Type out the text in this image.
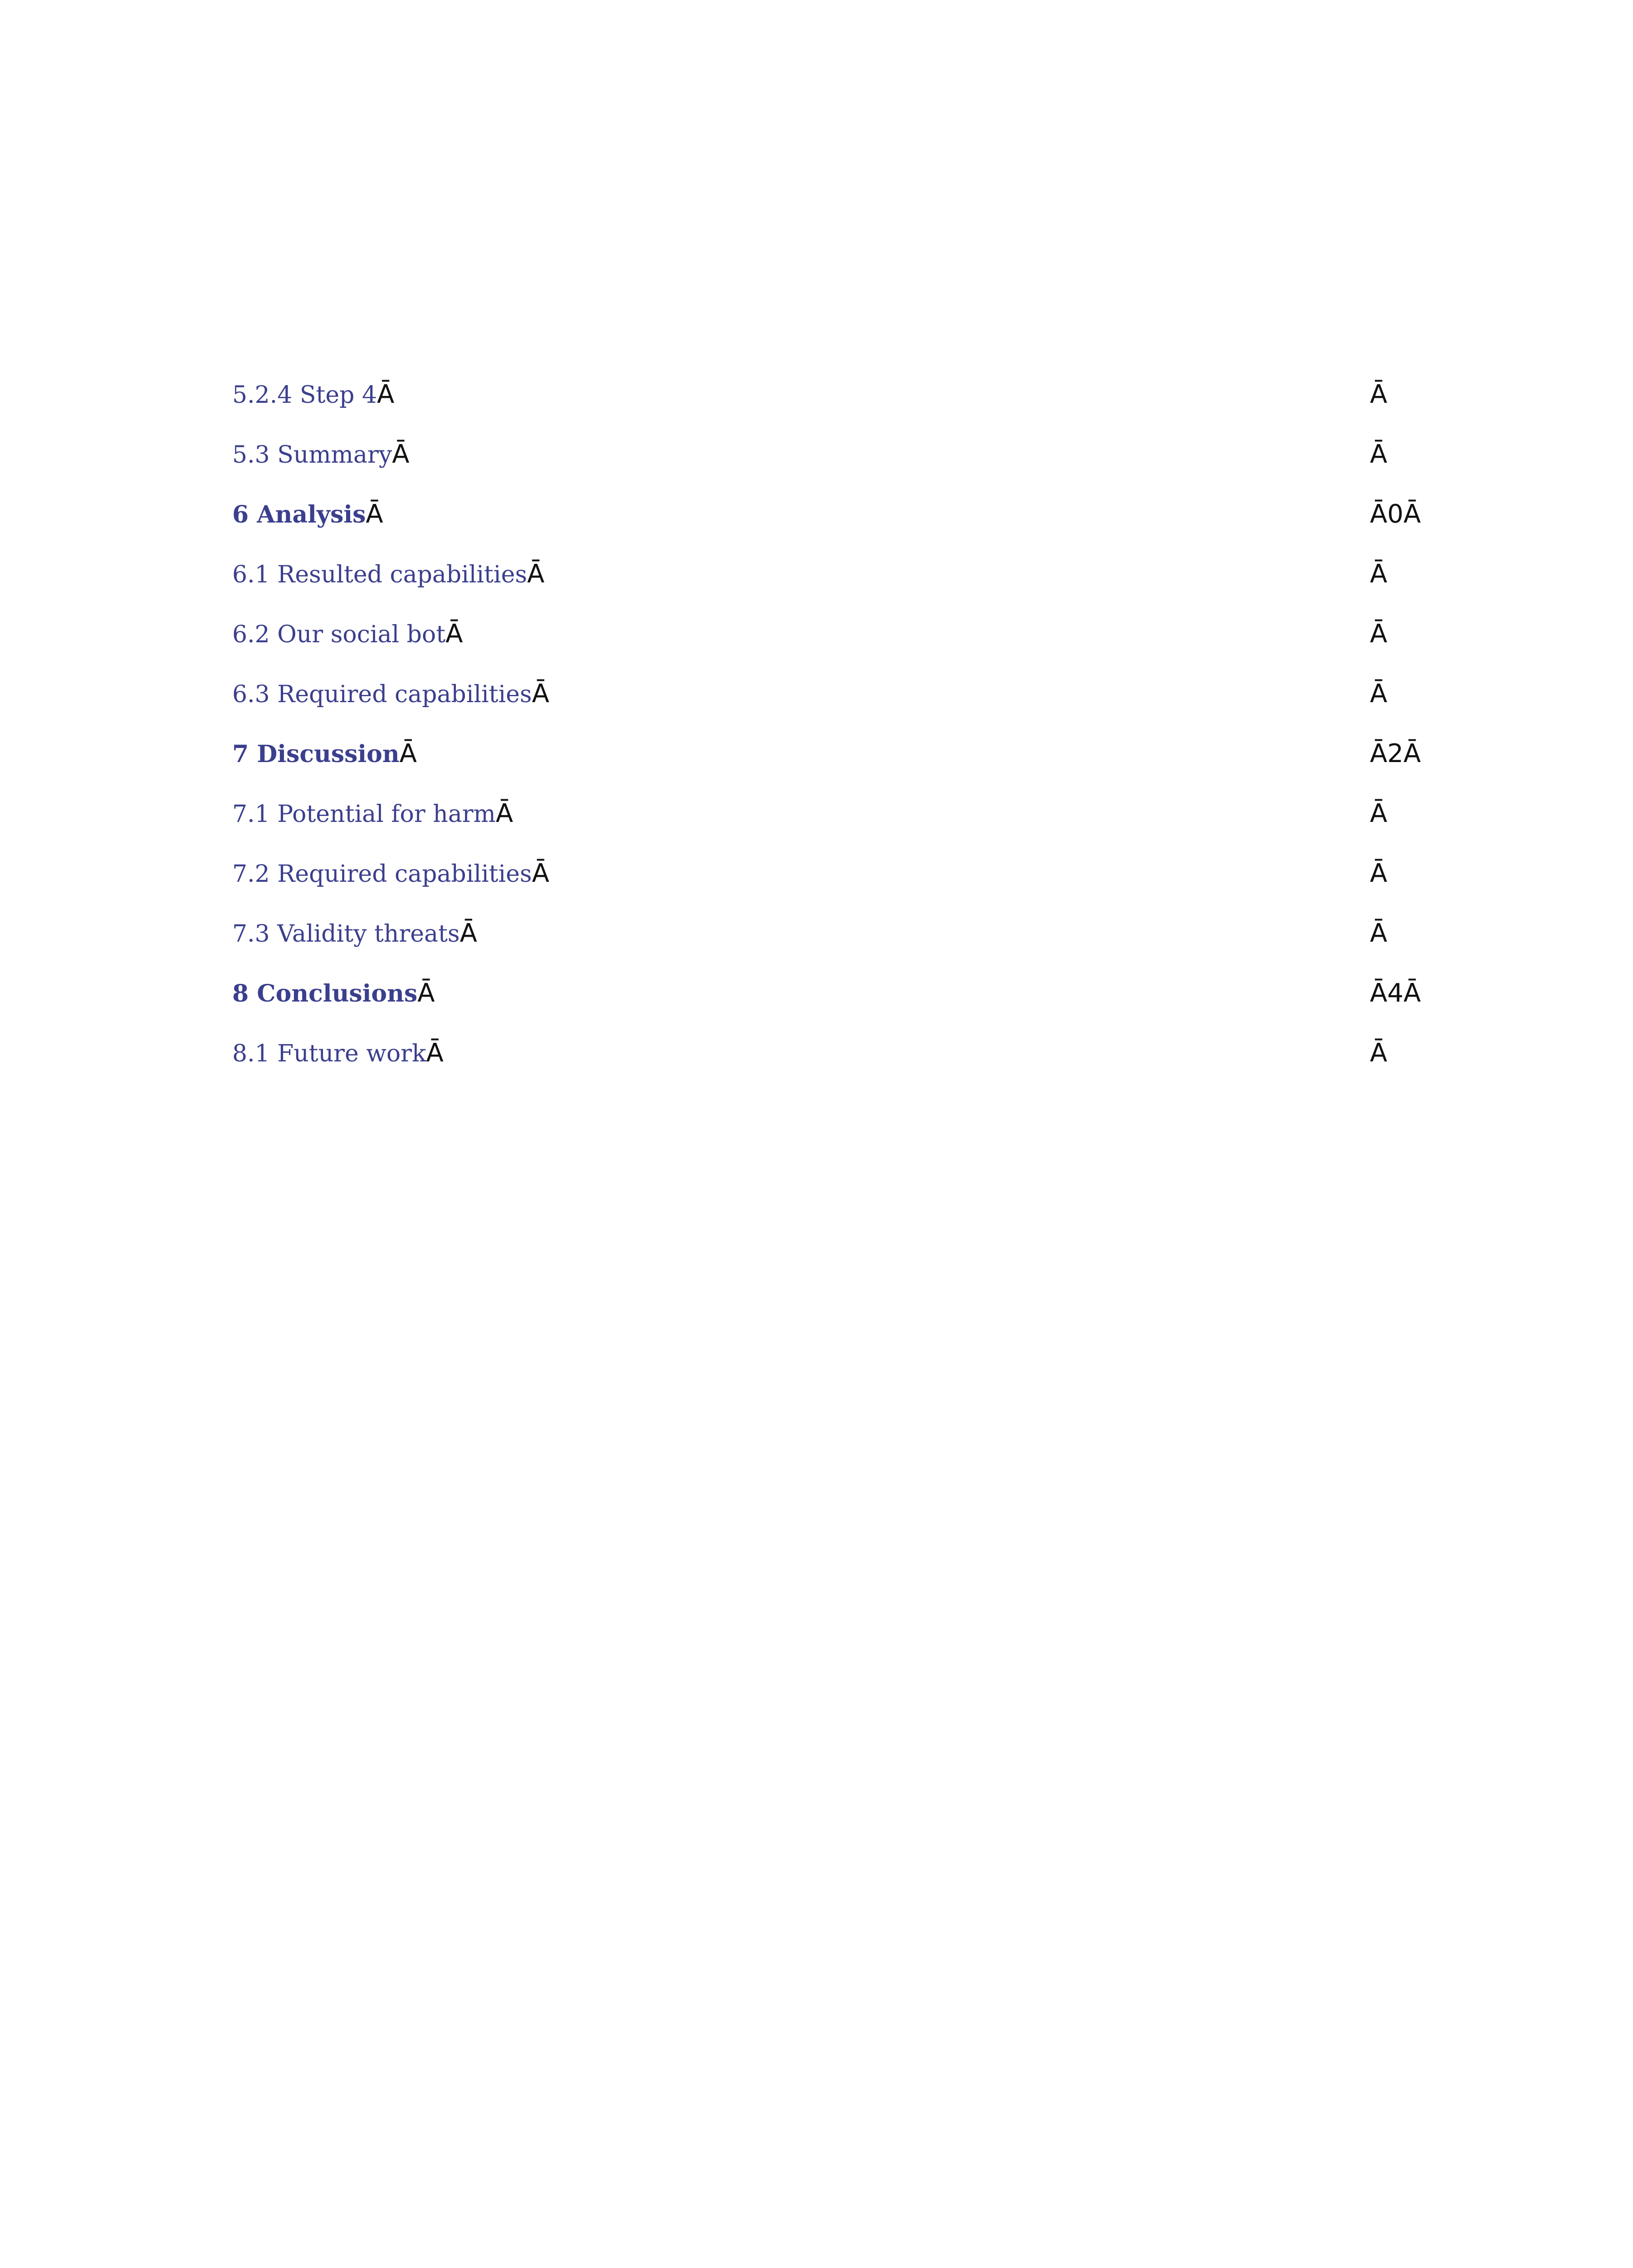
5.2.4 Step 4Ā	Ā
5.3 SummaryĀ	Ā
6 AnalysisĀ	Ā0Ā
6.1 Resulted capabilitiesĀ	Ā
6.2 Our social botĀ	Ā
6.3 Required capabilitiesĀ	Ā
7 DiscussionĀ	Ā2Ā
7.1 Potential for harmĀ	Ā
7.2 Required capabilitiesĀ	Ā
7.3 Validity threatsĀ	Ā
8 ConclusionsĀ	Ā4Ā
8.1 Future workĀ	Ā
